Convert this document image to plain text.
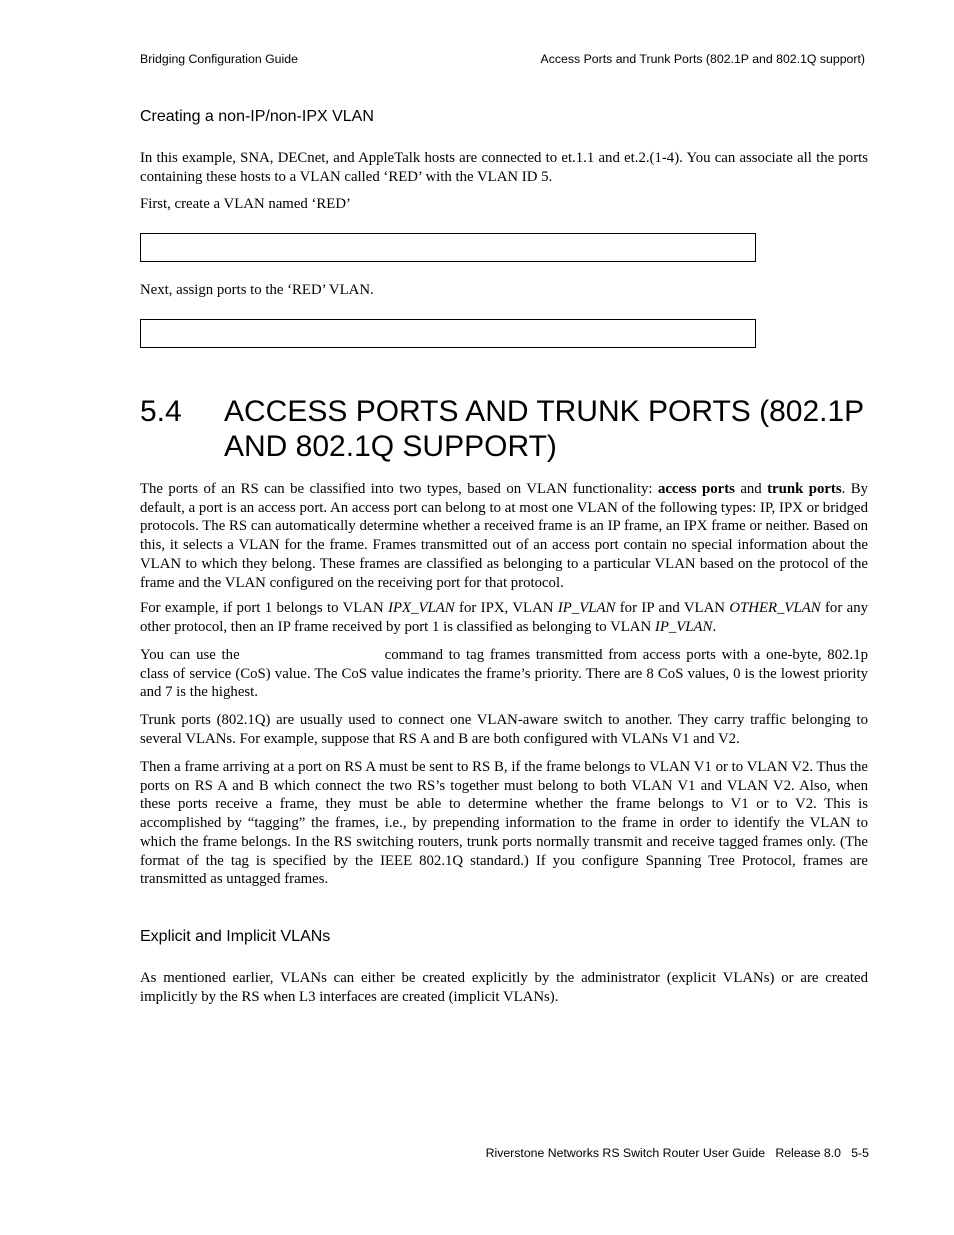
Bridging Configuration Guide	Access Ports and Trunk Ports (802.1P and 802.1Q support)
Creating a non-IP/non-IPX VLAN

In this example, SNA, DECnet, and AppleTalk hosts are connected to et.1.1 and et.2.(1-4). You can associate all the ports containing these hosts to a VLAN called ‘RED’ with the VLAN ID 5.

First, create a VLAN named ‘RED’

Next, assign ports to the ‘RED’ VLAN.

5.4 ACCESS PORTS AND TRUNK PORTS (802.1P AND 802.1Q SUPPORT)

The ports of an RS can be classified into two types, based on VLAN functionality: access ports and trunk ports. By default, a port is an access port. An access port can belong to at most one VLAN of the following types: IP, IPX or bridged protocols. The RS can automatically determine whether a received frame is an IP frame, an IPX frame or neither. Based on this, it selects a VLAN for the frame. Frames transmitted out of an access port contain no special information about the VLAN to which they belong. These frames are classified as belonging to a particular VLAN based on the protocol of the frame and the VLAN configured on the receiving port for that protocol.

For example, if port 1 belongs to VLAN IPX_VLAN for IPX, VLAN IP_VLAN for IP and VLAN OTHER_VLAN for any other protocol, then an IP frame received by port 1 is classified as belonging to VLAN IP_VLAN.

You can use the	command to tag frames transmitted from access ports with a one-byte, 802.1p class of service (CoS) value. The CoS value indicates the frame’s priority. There are 8 CoS values, 0 is the lowest priority and 7 is the highest.

Trunk ports (802.1Q) are usually used to connect one VLAN-aware switch to another. They carry traffic belonging to several VLANs. For example, suppose that RS A and B are both configured with VLANs V1 and V2.

Then a frame arriving at a port on RS A must be sent to RS B, if the frame belongs to VLAN V1 or to VLAN V2. Thus the ports on RS A and B which connect the two RS’s together must belong to both VLAN V1 and VLAN V2. Also, when these ports receive a frame, they must be able to determine whether the frame belongs to V1 or to V2. This is accomplished by “tagging” the frames, i.e., by prepending information to the frame in order to identify the VLAN to which the frame belongs. In the RS switching routers, trunk ports normally transmit and receive tagged frames only. (The format of the tag is specified by the IEEE 802.1Q standard.) If you configure Spanning Tree Protocol, frames are transmitted as untagged frames.

Explicit and Implicit VLANs

As mentioned earlier, VLANs can either be created explicitly by the administrator (explicit VLANs) or are created implicitly by the RS when L3 interfaces are created (implicit VLANs).

Riverstone Networks RS Switch Router User Guide   Release 8.0   5-5
